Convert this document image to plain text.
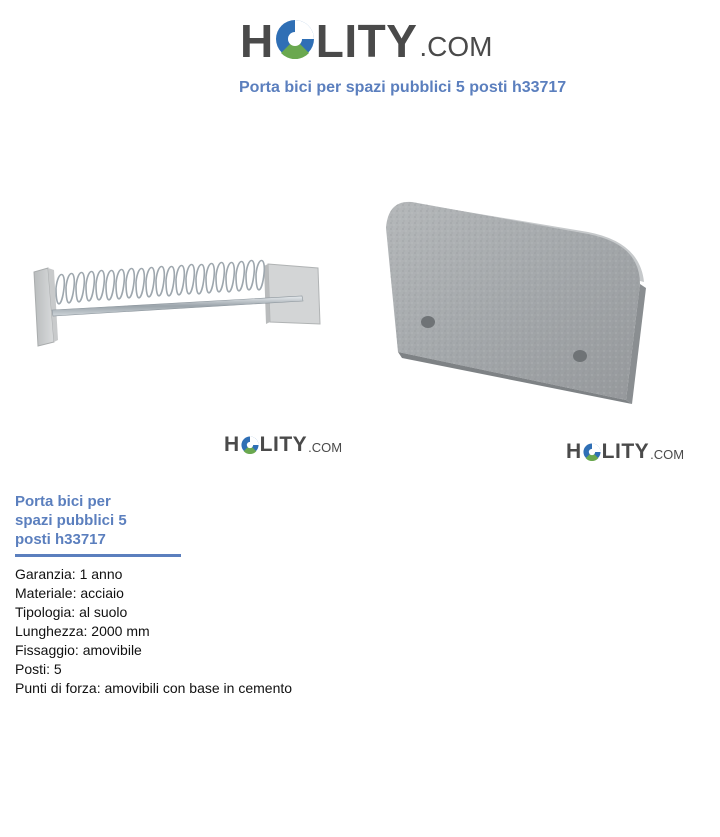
H LITY .COM
Porta bici per spazi pubblici 5 posti h33717
H LITY .COM	H LITY .COM
Porta bici per
spazi pubblici 5
posti h33717
Garanzia: 1 anno
Materiale: acciaio
Tipologia: al suolo
Lunghezza: 2000 mm
Fissaggio: amovibile
Posti: 5
Punti di forza: amovibili con base in cemento
